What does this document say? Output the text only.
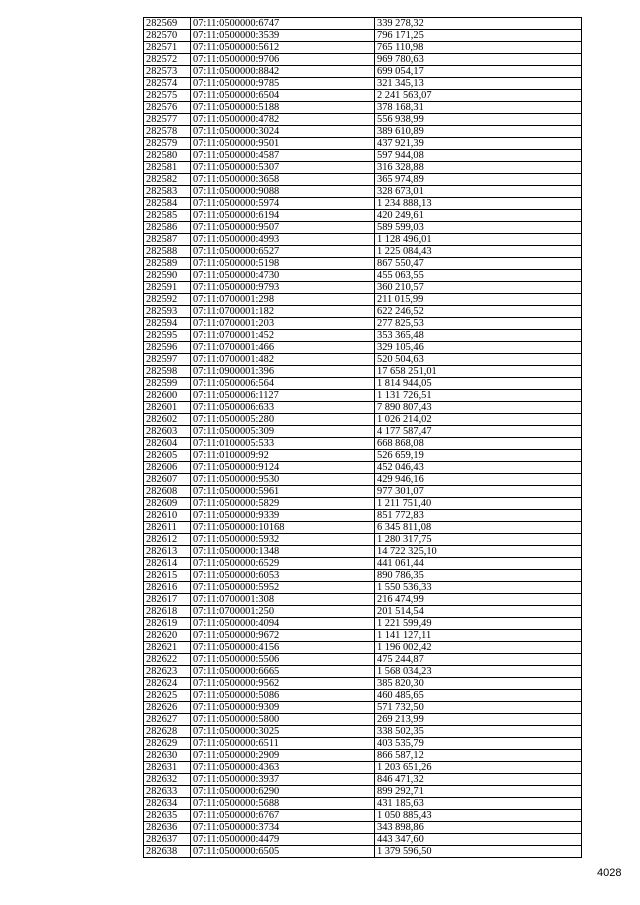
282569	07:11:0500000:6747	339 278,32
282570	07:11:0500000:3539	796 171,25
282571	07:11:0500000:5612	765 110,98
282572	07:11:0500000:9706	969 780,63
282573	07:11:0500000:8842	699 054,17
282574	07:11:0500000:9785	321 345,13
282575	07:11:0500000:6504	2 241 563,07
282576	07:11:0500000:5188	378 168,31
282577	07:11:0500000:4782	556 938,99
282578	07:11:0500000:3024	389 610,89
282579	07:11:0500000:9501	437 921,39
282580	07:11:0500000:4587	597 944,08
282581	07:11:0500000:5307	316 328,88
282582	07:11:0500000:3658	365 974,89
282583	07:11:0500000:9088	328 673,01
282584	07:11:0500000:5974	1 234 888,13
282585	07:11:0500000:6194	420 249,61
282586	07:11:0500000:9507	589 599,03
282587	07:11:0500000:4993	1 128 496,01
282588	07:11:0500000:6527	1 225 084,43
282589	07:11:0500000:5198	867 550,47
282590	07:11:0500000:4730	455 063,55
282591	07:11:0500000:9793	360 210,57
282592	07:11:0700001:298	211 015,99
282593	07:11:0700001:182	622 246,52
282594	07:11:0700001:203	277 825,53
282595	07:11:0700001:452	353 365,48
282596	07:11:0700001:466	329 105,46
282597	07:11:0700001:482	520 504,63
282598	07:11:0900001:396	17 658 251,01
282599	07:11:0500006:564	1 814 944,05
282600	07:11:0500006:1127	1 131 726,51
282601	07:11:0500006:633	7 890 807,43
282602	07:11:0500005:280	1 026 214,02
282603	07:11:0500005:309	4 177 587,47
282604	07:11:0100005:533	668 868,08
282605	07:11:0100009:92	526 659,19
282606	07:11:0500000:9124	452 046,43
282607	07:11:0500000:9530	429 946,16
282608	07:11:0500000:5961	977 301,07
282609	07:11:0500000:5829	1 211 751,40
282610	07:11:0500000:9339	851 772,83
282611	07:11:0500000:10168	6 345 811,08
282612	07:11:0500000:5932	1 280 317,75
282613	07:11:0500000:1348	14 722 325,10
282614	07:11:0500000:6529	441 061,44
282615	07:11:0500000:6053	890 786,35
282616	07:11:0500000:5952	1 550 536,33
282617	07:11:0700001:308	216 474,99
282618	07:11:0700001:250	201 514,54
282619	07:11:0500000:4094	1 221 599,49
282620	07:11:0500000:9672	1 141 127,11
282621	07:11:0500000:4156	1 196 002,42
282622	07:11:0500000:5506	475 244,87
282623	07:11:0500000:6665	1 568 034,23
282624	07:11:0500000:9562	385 820,30
282625	07:11:0500000:5086	460 485,65
282626	07:11:0500000:9309	571 732,50
282627	07:11:0500000:5800	269 213,99
282628	07:11:0500000:3025	338 502,35
282629	07:11:0500000:6511	403 535,79
282630	07:11:0500000:2909	866 587,12
282631	07:11:0500000:4363	1 203 651,26
282632	07:11:0500000:3937	846 471,32
282633	07:11:0500000:6290	899 292,71
282634	07:11:0500000:5688	431 185,63
282635	07:11:0500000:6767	1 050 885,43
282636	07:11:0500000:3734	343 898,86
282637	07:11:0500000:4479	443 347,60
282638	07:11:0500000:6505	1 379 596,50
4028
